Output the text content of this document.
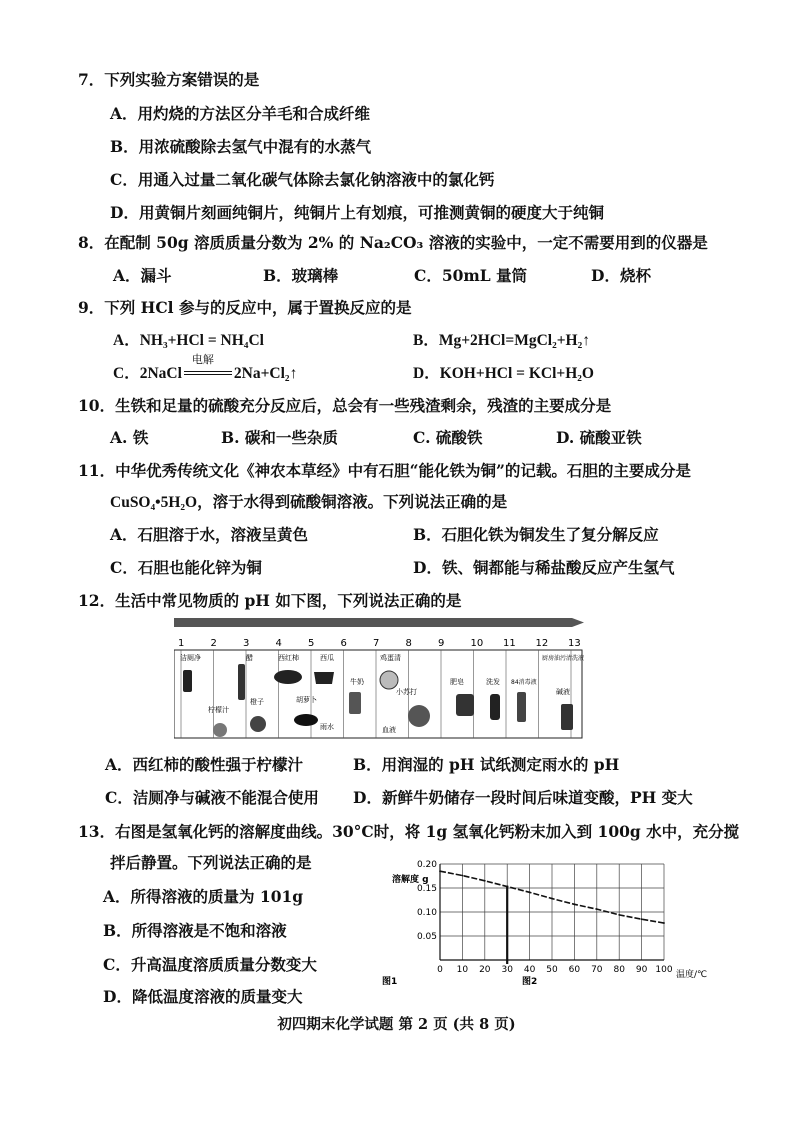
7．下列实验方案错误的是
A．用灼烧的方法区分羊毛和合成纤维
B．用浓硫酸除去氢气中混有的水蒸气
C．用通入过量二氧化碳气体除去氯化钠溶液中的氯化钙
D．用黄铜片刻画纯铜片，纯铜片上有划痕，可推测黄铜的硬度大于纯铜
8．在配制 50g 溶质质量分数为 2% 的 Na₂CO₃ 溶液的实验中，一定不需要用到的仪器是
A．漏斗	B．玻璃棒	C．50mL 量筒	D．烧杯
9．下列 HCl 参与的反应中，属于置换反应的是
A．NH₃+HCl = NH₄Cl	B．Mg+2HCl=MgCl₂+H₂↑
C．2NaCl
电解
2Na+Cl₂↑	D．KOH+HCl = KCl+H₂O
10．生铁和足量的硫酸充分反应后，总会有一些残渣剩余，残渣的主要成分是
A. 铁	B. 碳和一些杂质	C. 硫酸铁	D. 硫酸亚铁
11．中华优秀传统文化《神农本草经》中有石胆“能化铁为铜”的记载。石胆的主要成分是
CuSO₄•5H₂O，溶于水得到硫酸铜溶液。下列说法正确的是
A．石胆溶于水，溶液呈黄色	B．石胆化铁为铜发生了复分解反应
C．石胆也能化锌为铜	D．铁、铜都能与稀盐酸反应产生氢气
12．生活中常见物质的 pH 如下图，下列说法正确的是
1	2	3	4	5	6	7	8	9	10 11 12 13
洁厕净
柠檬汁
醋
橙子
西红柿	西瓜
胡萝卜
雨水
牛奶
鸡蛋清
血液
小苏打
肥皂	洗发 84消毒液
厨房油污清洗液
碱液
A．西红柿的酸性强于柠檬汁	B．用润湿的 pH 试纸测定雨水的 pH
C．洁厕净与碱液不能混合使用 D．新鲜牛奶储存一段时间后味道变酸，PH 变大
13．右图是氢氧化钙的溶解度曲线。30°C时，将 1g 氢氧化钙粉末加入到 100g 水中，充分搅
拌后静置。下列说法正确的是
A．所得溶液的质量为 101g
B．所得溶液是不饱和溶液
C．升高温度溶质质量分数变大
D．降低温度溶液的质量变大
0.05
0.10
0.15
0.20
0 10 20 30 40 50 60 70 80 90 100
溶解度 g
温度/℃
图1	图2
初四期末化学试题 第 2 页 (共 8 页)
